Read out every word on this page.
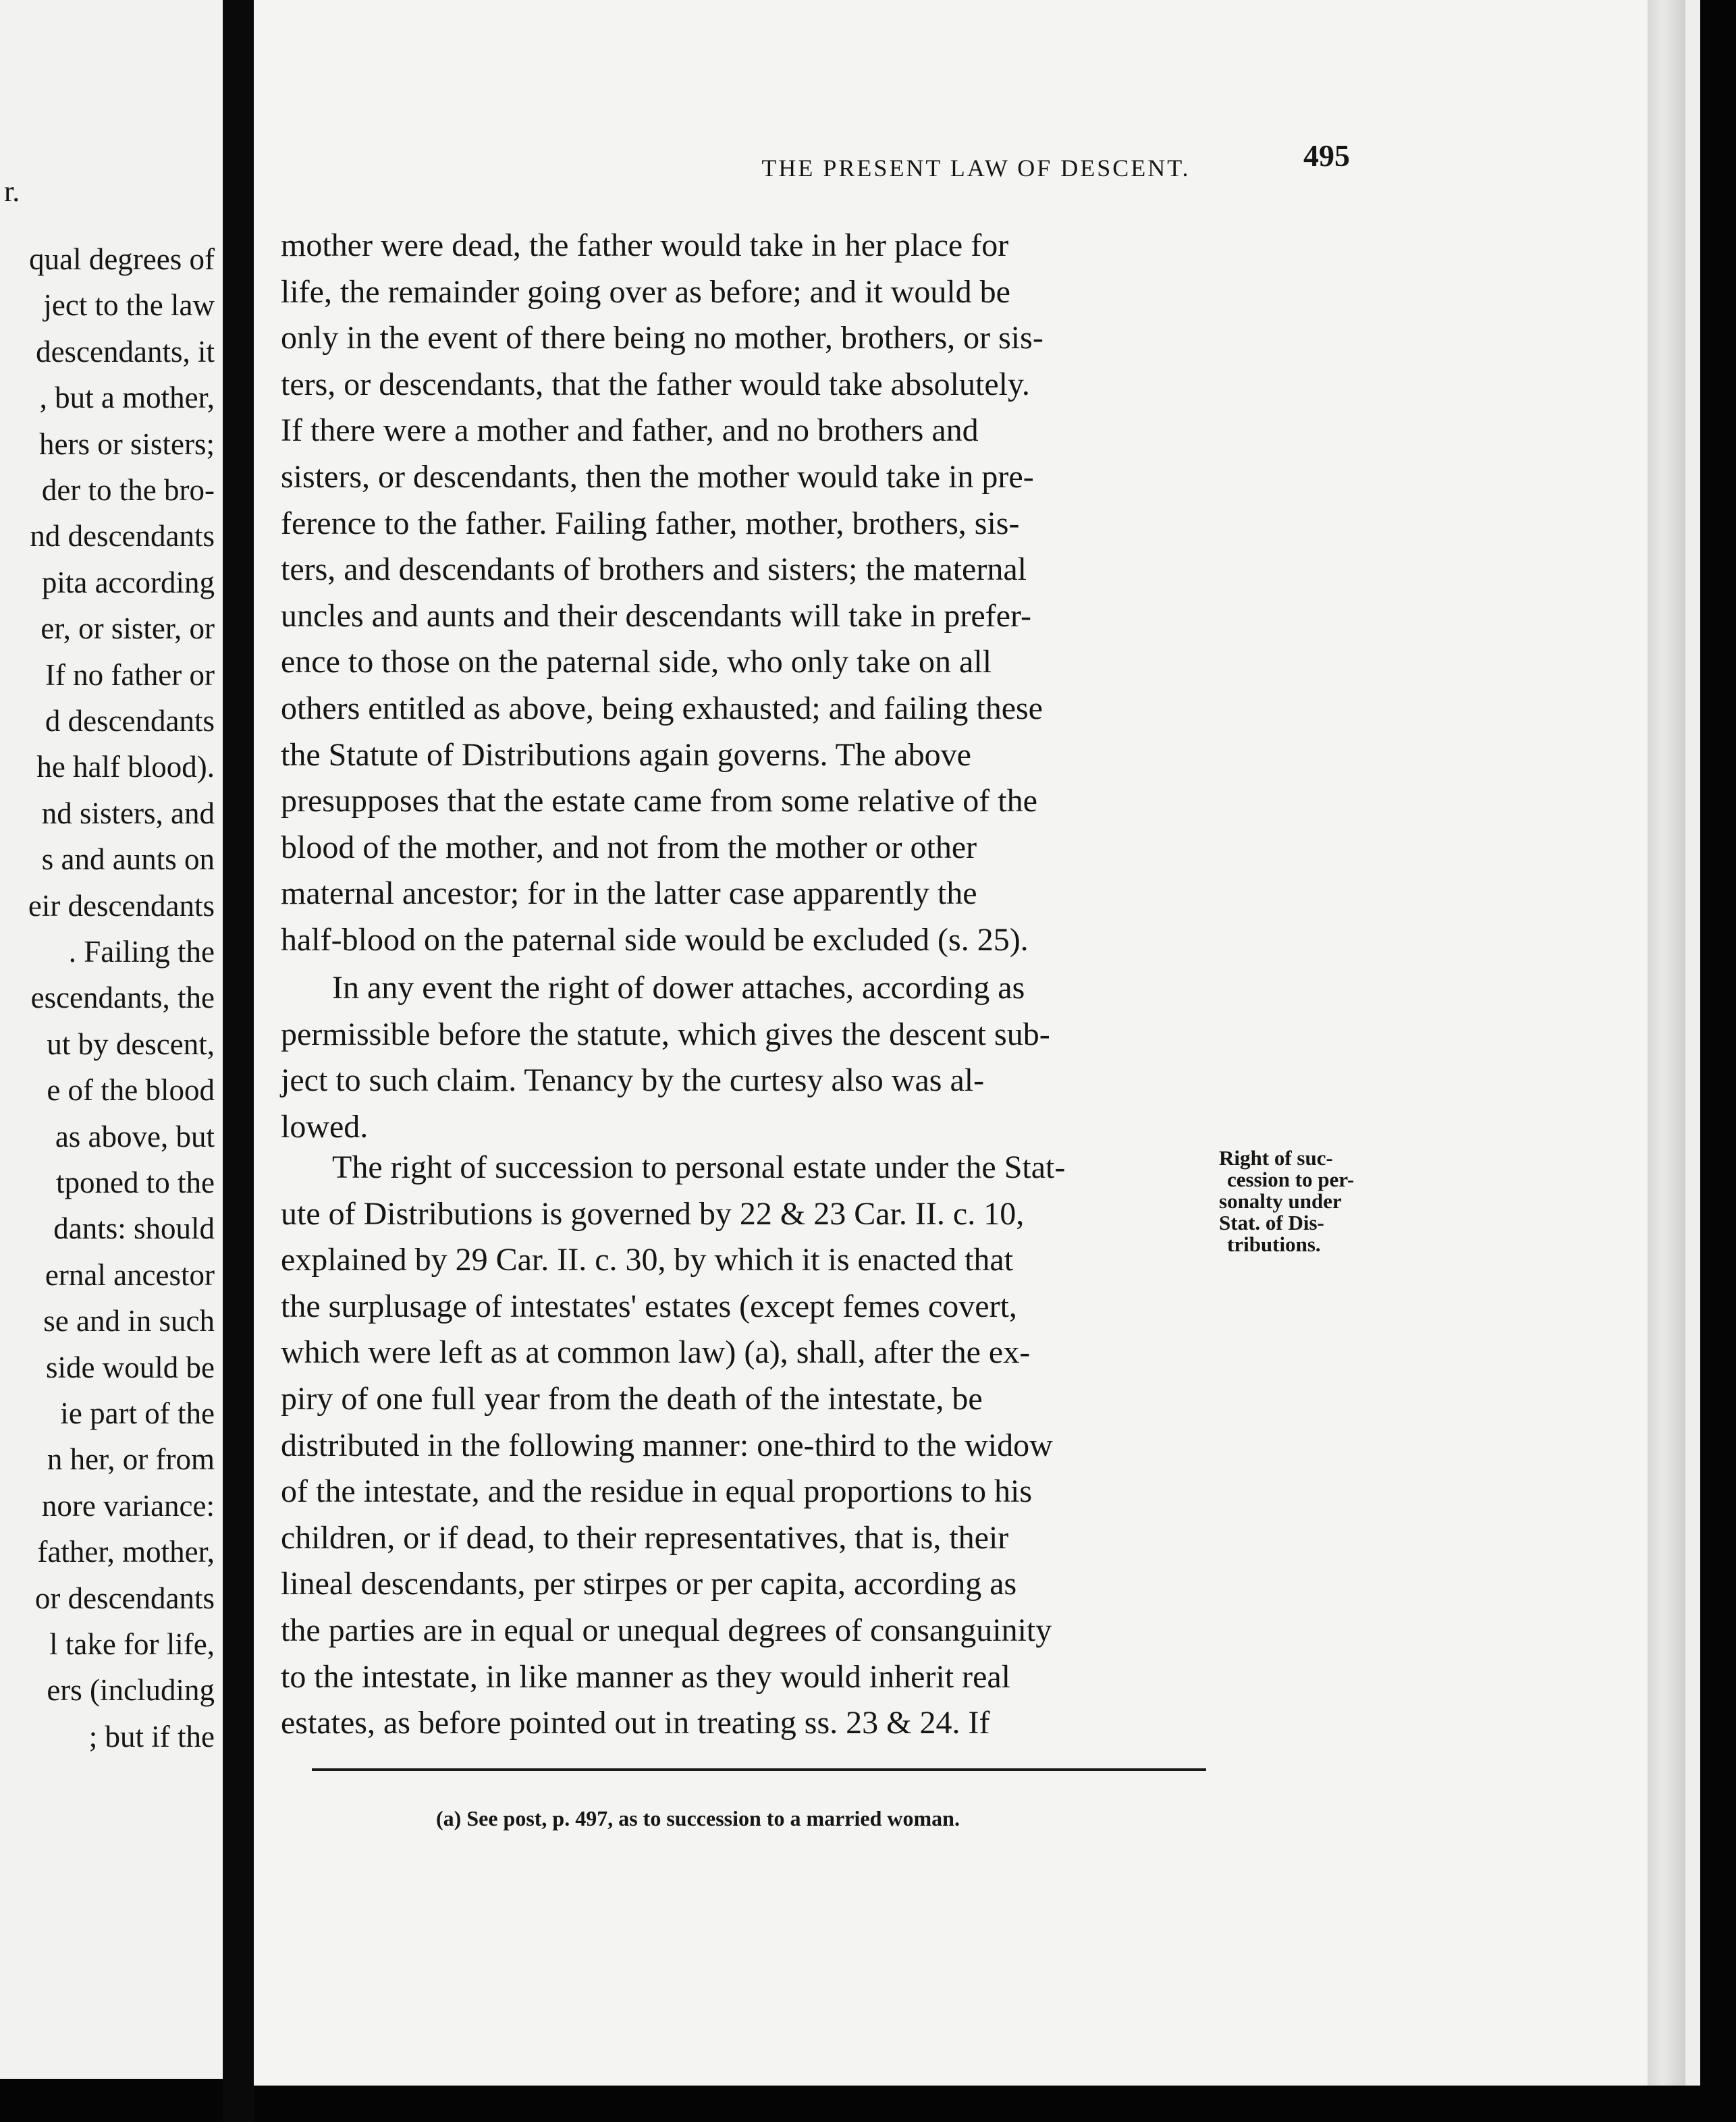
r.
qual degrees of
ject to the law
descendants, it
, but a mother,
hers or sisters;
der to the bro-
nd descendants
pita according
er, or sister, or
If no father or
d descendants
he half blood).
nd sisters, and
s and aunts on
eir descendants
. Failing the
escendants, the
ut by descent,
e of the blood
as above, but
tponed to the
dants: should
ernal ancestor
se and in such
side would be
ie part of the
n her, or from
nore variance:
father, mother,
or descendants
l take for life,
ers (including
; but if the
THE PRESENT LAW OF DESCENT.	495
mother were dead, the father would take in her place for
life, the remainder going over as before; and it would be
only in the event of there being no mother, brothers, or sis-
ters, or descendants, that the father would take absolutely.
If there were a mother and father, and no brothers and
sisters, or descendants, then the mother would take in pre-
ference to the father. Failing father, mother, brothers, sis-
ters, and descendants of brothers and sisters; the maternal
uncles and aunts and their descendants will take in prefer-
ence to those on the paternal side, who only take on all
others entitled as above, being exhausted; and failing these
the Statute of Distributions again governs. The above
presupposes that the estate came from some relative of the
blood of the mother, and not from the mother or other
maternal ancestor; for in the latter case apparently the
half-blood on the paternal side would be excluded (s. 25).
In any event the right of dower attaches, according as
permissible before the statute, which gives the descent sub-
ject to such claim. Tenancy by the curtesy also was al-
lowed.
The right of succession to personal estate under the Stat-
ute of Distributions is governed by 22 & 23 Car. II. c. 10,
explained by 29 Car. II. c. 30, by which it is enacted that
the surplusage of intestates' estates (except femes covert,
which were left as at common law) (a), shall, after the ex-
piry of one full year from the death of the intestate, be
distributed in the following manner: one-third to the widow
of the intestate, and the residue in equal proportions to his
children, or if dead, to their representatives, that is, their
lineal descendants, per stirpes or per capita, according as
the parties are in equal or unequal degrees of consanguinity
to the intestate, in like manner as they would inherit real
estates, as before pointed out in treating ss. 23 & 24. If
Right of suc-
cession to per-
sonalty under
Stat. of Dis-
tributions.
(a) See post, p. 497, as to succession to a married woman.
